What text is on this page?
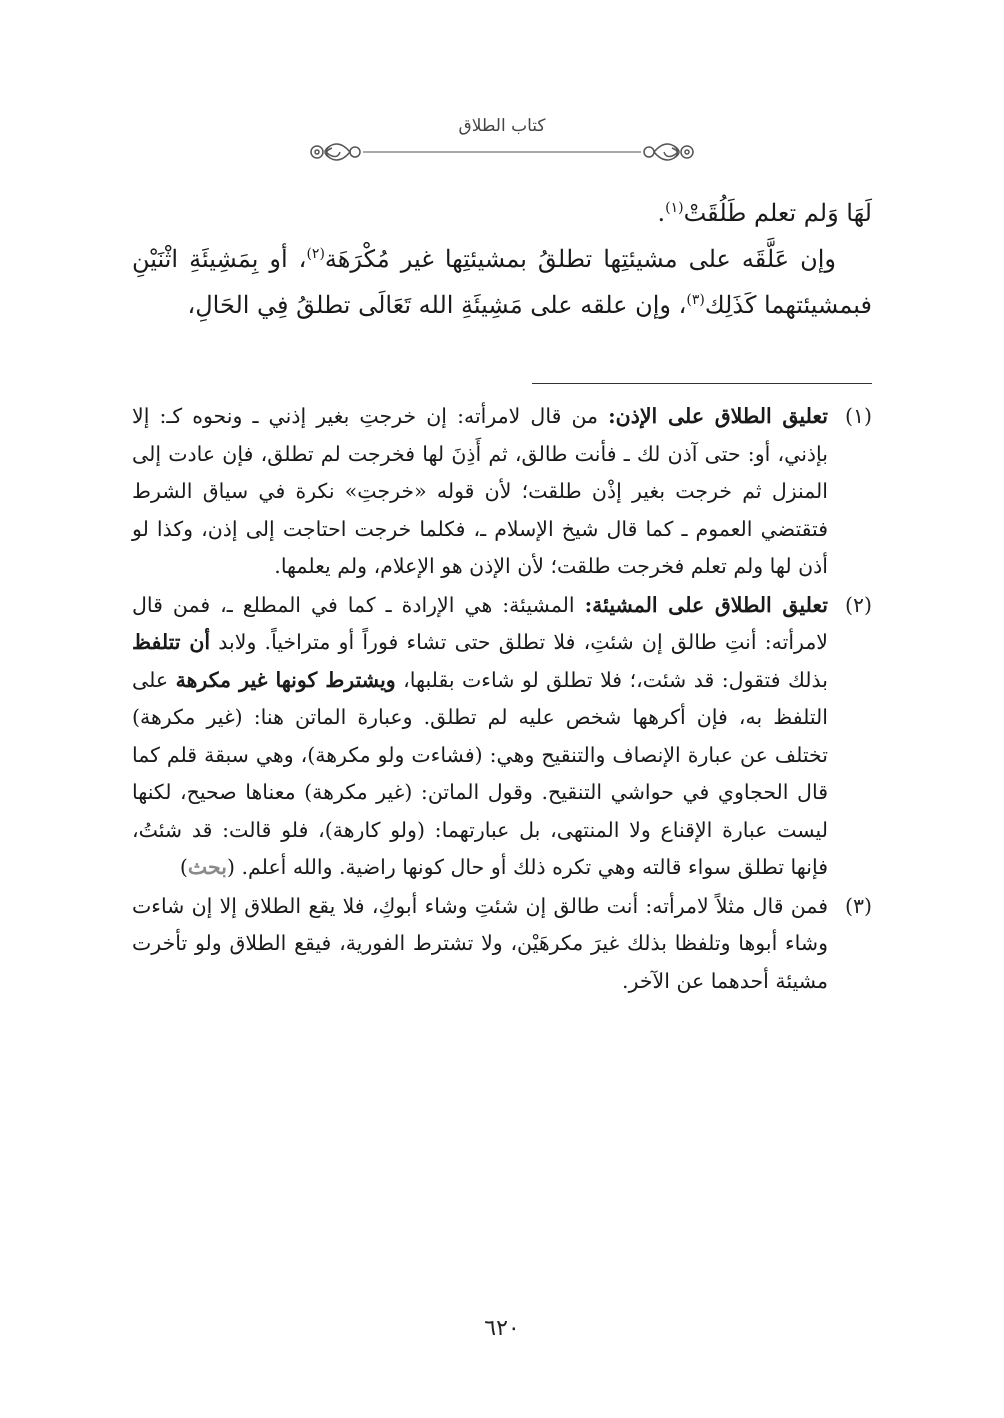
كتاب الطلاق

لَهَا وَلم تعلم طَلُقَتْ$^{(١)}$.

وإن عَلَّقَه على مشيئتِها تطلقُ بمشيئتِها غير مُكْرَهَة$^{(٢)}$، أو بِمَشِيئَةِ اثْنَيْنِ فبمشيئتهما كَذَلِك$^{(٣)}$، وإن علقه على مَشِيئَةِ الله تَعَالَى تطلقُ فِي الحَالِ،

(١)
تعليق الطلاق على الإذن: من قال لامرأته: إن خرجتِ بغير إذني ـ ونحوه كـ: إلا بإذني، أو: حتى آذن لك ـ فأنت طالق، ثم أَذِنَ لها فخرجت لم تطلق، فإن عادت إلى المنزل ثم خرجت بغير إذْن طلقت؛ لأن قوله «خرجتِ» نكرة في سياق الشرط فتقتضي العموم ـ كما قال شيخ الإسلام ـ، فكلما خرجت احتاجت إلى إذن، وكذا لو أذن لها ولم تعلم فخرجت طلقت؛ لأن الإذن هو الإعلام، ولم يعلمها.

(٢)
تعليق الطلاق على المشيئة: المشيئة: هي الإرادة ـ كما في المطلع ـ، فمن قال لامرأته: أنتِ طالق إن شئتِ، فلا تطلق حتى تشاء فوراً أو متراخياً. ولابد أن تتلفظ بذلك فتقول: قد شئت،؛ فلا تطلق لو شاءت بقلبها، ويشترط كونها غير مكرهة على التلفظ به، فإن أكرهها شخص عليه لم تطلق. وعبارة الماتن هنا: (غير مكرهة) تختلف عن عبارة الإنصاف والتنقيح وهي: (فشاءت ولو مكرهة)، وهي سبقة قلم كما قال الحجاوي في حواشي التنقيح. وقول الماتن: (غير مكرهة) معناها صحيح، لكنها ليست عبارة الإقناع ولا المنتهى، بل عبارتهما: (ولو كارهة)، فلو قالت: قد شئتُ، فإنها تطلق سواء قالته وهي تكره ذلك أو حال كونها راضية. والله أعلم. (بحث)

(٣)
فمن قال مثلاً لامرأته: أنت طالق إن شئتِ وشاء أبوكِ، فلا يقع الطلاق إلا إن شاءت وشاء أبوها وتلفظا بذلك غيرَ مكرهَيْن، ولا تشترط الفورية، فيقع الطلاق ولو تأخرت مشيئة أحدهما عن الآخر.

٦٢٠
